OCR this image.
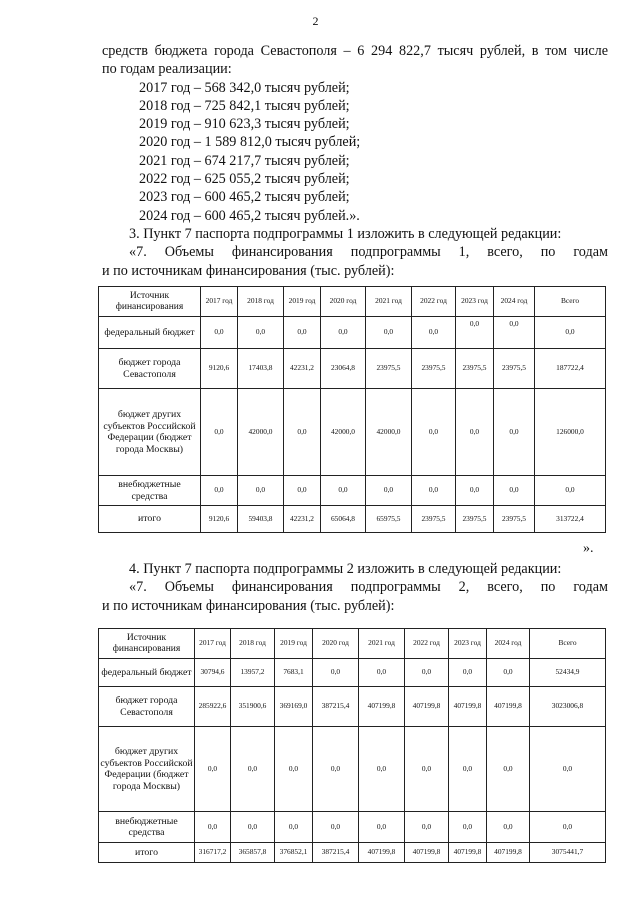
2

средств бюджета города Севастополя – 6 294 822,7 тысяч рублей, в том числе

по годам реализации:

2017 год – 568 342,0 тысяч рублей;

2018 год – 725 842,1 тысяч рублей;

2019 год – 910 623,3 тысяч рублей;

2020 год – 1 589 812,0 тысяч рублей;

2021 год – 674 217,7 тысяч рублей;

2022 год – 625 055,2 тысяч рублей;

2023 год – 600 465,2 тысяч рублей;

2024 год – 600 465,2 тысяч рублей.».

3. Пункт 7 паспорта подпрограммы 1 изложить в следующей редакции:

«7. Объемы финансирования подпрограммы 1, всего, по годам

и по источникам финансирования (тыс. рублей):

Источник финансирования	2017 год	2018 год	2019 год	2020 год	2021 год	2022 год	2023 год	2024 год	Всего
федеральный бюджет	0,0	0,0	0,0	0,0	0,0	0,0	0,0	0,0	0,0
бюджет города Севастополя	9120,6	17403,8	42231,2	23064,8	23975,5	23975,5	23975,5	23975,5	187722,4
бюджет других субъектов Российской Федерации (бюджет города Москвы)	0,0	42000,0	0,0	42000,0	42000,0	0,0	0,0	0,0	126000,0
внебюджетные средства	0,0	0,0	0,0	0,0	0,0	0,0	0,0	0,0	0,0
итого	9120,6	59403,8	42231,2	65064,8	65975,5	23975,5	23975,5	23975,5	313722,4
».

4. Пункт 7 паспорта подпрограммы 2 изложить в следующей редакции:

«7. Объемы финансирования подпрограммы 2, всего, по годам

и по источникам финансирования (тыс. рублей):

Источник финансирования	2017 год	2018 год	2019 год	2020 год	2021 год	2022 год	2023 год	2024 год	Всего
федеральный бюджет	30794,6	13957,2	7683,1	0,0	0,0	0,0	0,0	0,0	52434,9
бюджет города Севастополя	285922,6	351900,6	369169,0	387215,4	407199,8	407199,8	407199,8	407199,8	3023006,8
бюджет других субъектов Российской Федерации (бюджет города Москвы)	0,0	0,0	0,0	0,0	0,0	0,0	0,0	0,0	0,0
внебюджетные средства	0,0	0,0	0,0	0,0	0,0	0,0	0,0	0,0	0,0
итого	316717,2	365857,8	376852,1	387215,4	407199,8	407199,8	407199,8	407199,8	3075441,7
